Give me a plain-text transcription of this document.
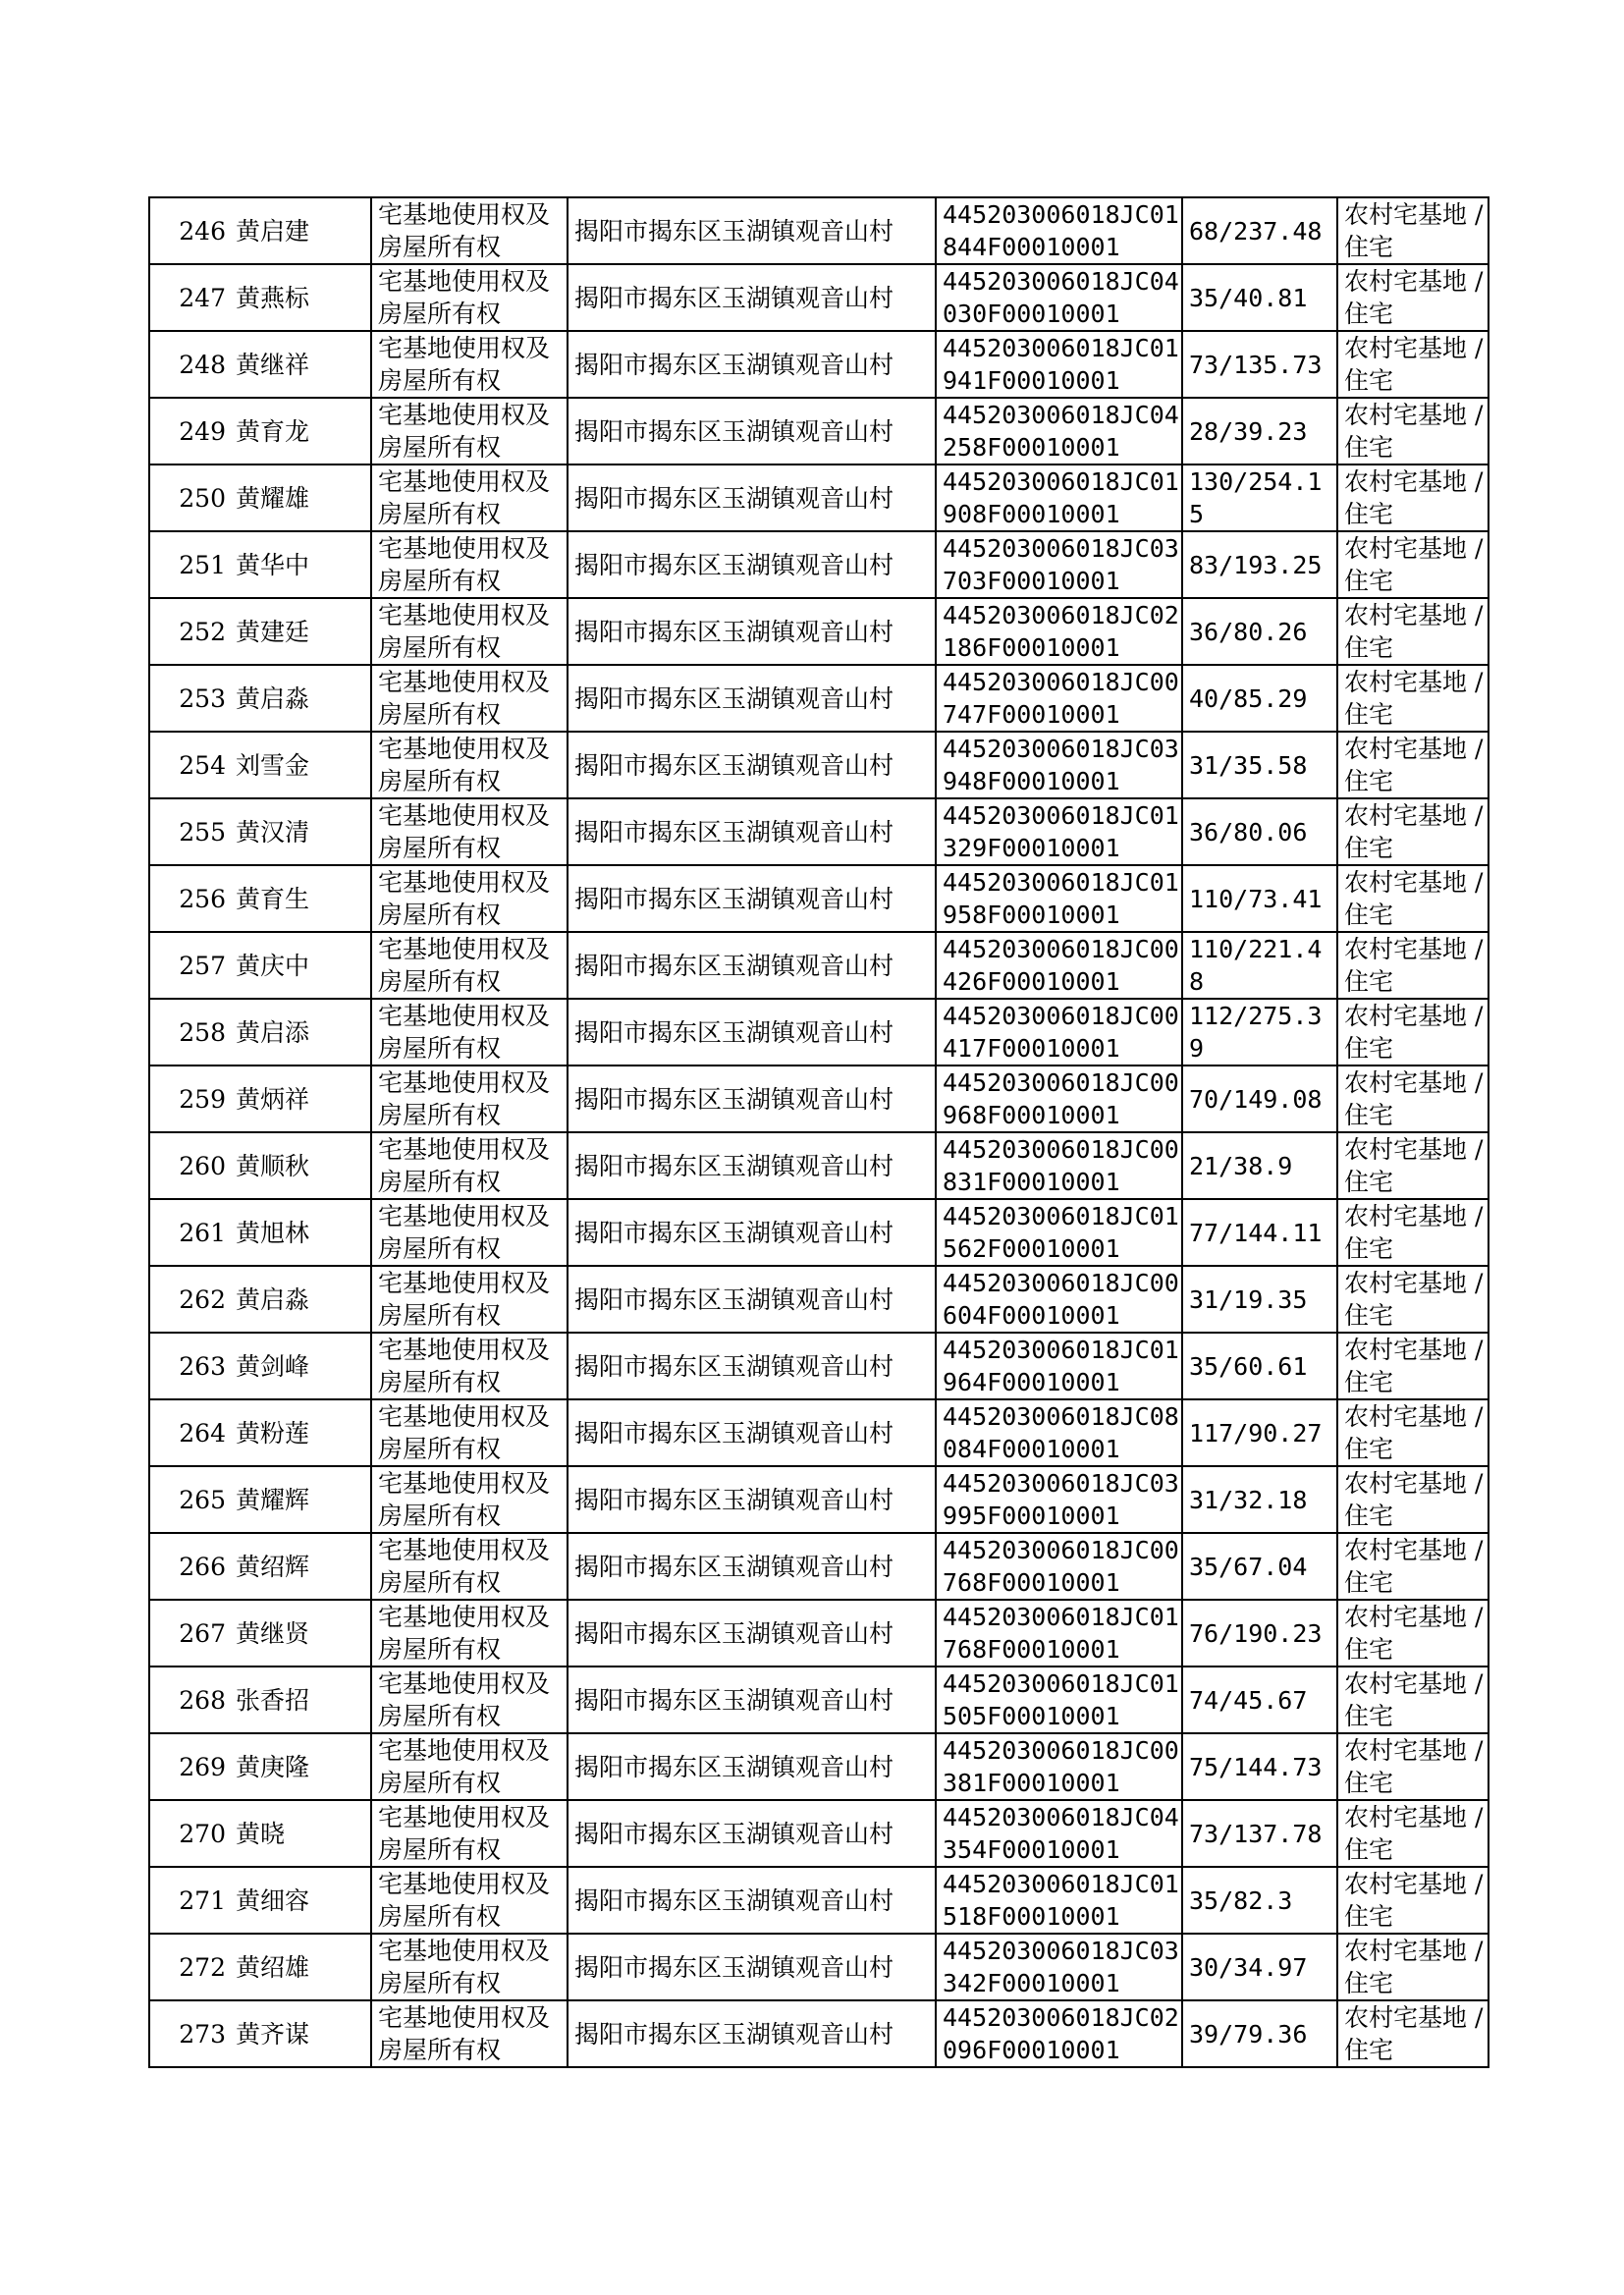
246	黄启建	宅基地使用权及房屋所有权	揭阳市揭东区玉湖镇观音山村	445203006018JC01844F00010001	68/237.48	农村宅基地 / 住宅

247	黄燕标	宅基地使用权及房屋所有权	揭阳市揭东区玉湖镇观音山村	445203006018JC04030F00010001	35/40.81	农村宅基地 / 住宅

248	黄继祥	宅基地使用权及房屋所有权	揭阳市揭东区玉湖镇观音山村	445203006018JC01941F00010001	73/135.73	农村宅基地 / 住宅

249	黄育龙	宅基地使用权及房屋所有权	揭阳市揭东区玉湖镇观音山村	445203006018JC04258F00010001	28/39.23	农村宅基地 / 住宅

250	黄耀雄	宅基地使用权及房屋所有权	揭阳市揭东区玉湖镇观音山村	445203006018JC01908F00010001	130/254.15	农村宅基地 / 住宅

251	黄华中	宅基地使用权及房屋所有权	揭阳市揭东区玉湖镇观音山村	445203006018JC03703F00010001	83/193.25	农村宅基地 / 住宅

252	黄建廷	宅基地使用权及房屋所有权	揭阳市揭东区玉湖镇观音山村	445203006018JC02186F00010001	36/80.26	农村宅基地 / 住宅

253	黄启淼	宅基地使用权及房屋所有权	揭阳市揭东区玉湖镇观音山村	445203006018JC00747F00010001	40/85.29	农村宅基地 / 住宅

254	刘雪金	宅基地使用权及房屋所有权	揭阳市揭东区玉湖镇观音山村	445203006018JC03948F00010001	31/35.58	农村宅基地 / 住宅

255	黄汉清	宅基地使用权及房屋所有权	揭阳市揭东区玉湖镇观音山村	445203006018JC01329F00010001	36/80.06	农村宅基地 / 住宅

256	黄育生	宅基地使用权及房屋所有权	揭阳市揭东区玉湖镇观音山村	445203006018JC01958F00010001	110/73.41	农村宅基地 / 住宅

257	黄庆中	宅基地使用权及房屋所有权	揭阳市揭东区玉湖镇观音山村	445203006018JC00426F00010001	110/221.48	农村宅基地 / 住宅

258	黄启添	宅基地使用权及房屋所有权	揭阳市揭东区玉湖镇观音山村	445203006018JC00417F00010001	112/275.39	农村宅基地 / 住宅

259	黄炳祥	宅基地使用权及房屋所有权	揭阳市揭东区玉湖镇观音山村	445203006018JC00968F00010001	70/149.08	农村宅基地 / 住宅

260	黄顺秋	宅基地使用权及房屋所有权	揭阳市揭东区玉湖镇观音山村	445203006018JC00831F00010001	21/38.9	农村宅基地 / 住宅

261	黄旭林	宅基地使用权及房屋所有权	揭阳市揭东区玉湖镇观音山村	445203006018JC01562F00010001	77/144.11	农村宅基地 / 住宅

262	黄启淼	宅基地使用权及房屋所有权	揭阳市揭东区玉湖镇观音山村	445203006018JC00604F00010001	31/19.35	农村宅基地 / 住宅

263	黄剑峰	宅基地使用权及房屋所有权	揭阳市揭东区玉湖镇观音山村	445203006018JC01964F00010001	35/60.61	农村宅基地 / 住宅

264	黄粉莲	宅基地使用权及房屋所有权	揭阳市揭东区玉湖镇观音山村	445203006018JC08084F00010001	117/90.27	农村宅基地 / 住宅

265	黄耀辉	宅基地使用权及房屋所有权	揭阳市揭东区玉湖镇观音山村	445203006018JC03995F00010001	31/32.18	农村宅基地 / 住宅

266	黄绍辉	宅基地使用权及房屋所有权	揭阳市揭东区玉湖镇观音山村	445203006018JC00768F00010001	35/67.04	农村宅基地 / 住宅

267	黄继贤	宅基地使用权及房屋所有权	揭阳市揭东区玉湖镇观音山村	445203006018JC01768F00010001	76/190.23	农村宅基地 / 住宅

268	张香招	宅基地使用权及房屋所有权	揭阳市揭东区玉湖镇观音山村	445203006018JC01505F00010001	74/45.67	农村宅基地 / 住宅

269	黄庚隆	宅基地使用权及房屋所有权	揭阳市揭东区玉湖镇观音山村	445203006018JC00381F00010001	75/144.73	农村宅基地 / 住宅

270	黄晓	宅基地使用权及房屋所有权	揭阳市揭东区玉湖镇观音山村	445203006018JC04354F00010001	73/137.78	农村宅基地 / 住宅

271	黄细容	宅基地使用权及房屋所有权	揭阳市揭东区玉湖镇观音山村	445203006018JC01518F00010001	35/82.3	农村宅基地 / 住宅

272	黄绍雄	宅基地使用权及房屋所有权	揭阳市揭东区玉湖镇观音山村	445203006018JC03342F00010001	30/34.97	农村宅基地 / 住宅

273	黄齐谋	宅基地使用权及房屋所有权	揭阳市揭东区玉湖镇观音山村	445203006018JC02096F00010001	39/79.36	农村宅基地 / 住宅
